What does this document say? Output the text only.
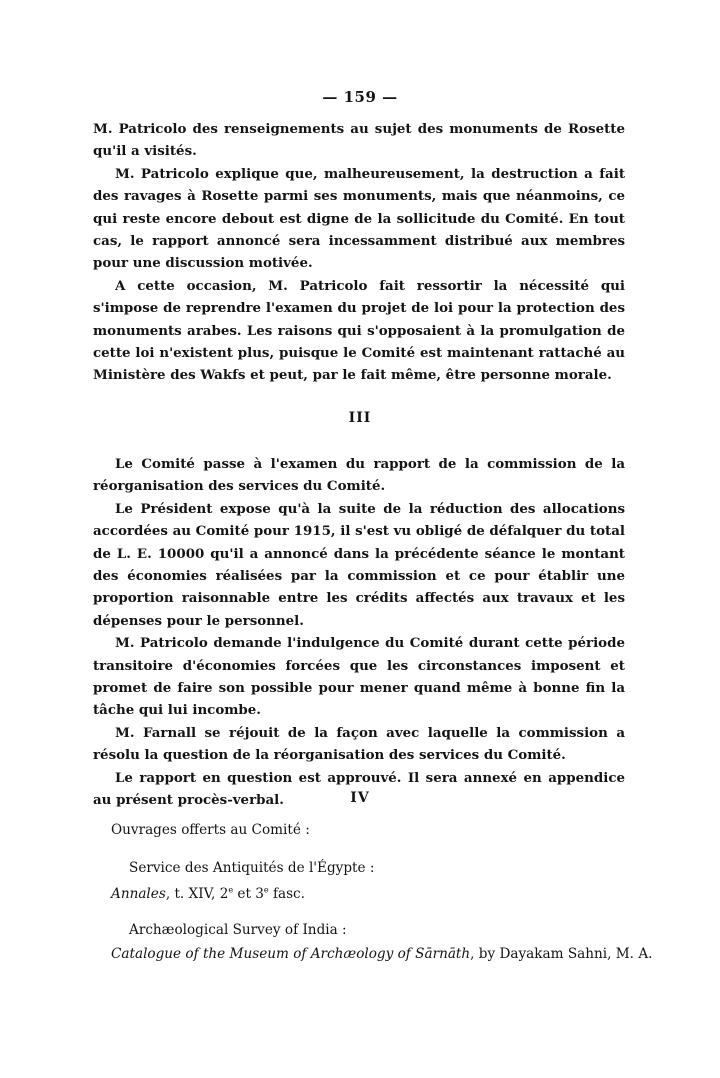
— 159 —

M. Patricolo des renseignements au sujet des monuments de Rosette qu'il a visités.

M. Patricolo explique que, malheureusement, la destruction a fait des ravages à Rosette parmi ses monuments, mais que néanmoins, ce qui reste encore debout est digne de la sollicitude du Comité. En tout cas, le rapport annoncé sera incessamment distribué aux membres pour une discussion motivée.

A cette occasion, M. Patricolo fait ressortir la nécessité qui s'impose de reprendre l'examen du projet de loi pour la protection des monuments arabes. Les raisons qui s'opposaient à la promulgation de cette loi n'existent plus, puisque le Comité est maintenant rattaché au Ministère des Wakfs et peut, par le fait même, être personne morale.

III

Le Comité passe à l'examen du rapport de la commission de la réorganisation des services du Comité.

Le Président expose qu'à la suite de la réduction des allocations accordées au Comité pour 1915, il s'est vu obligé de défalquer du total de L. E. 10000 qu'il a annoncé dans la précédente séance le montant des économies réalisées par la commission et ce pour établir une proportion raisonnable entre les crédits affectés aux travaux et les dépenses pour le personnel.

M. Patricolo demande l'indulgence du Comité durant cette période transitoire d'économies forcées que les circonstances imposent et promet de faire son possible pour mener quand même à bonne fin la tâche qui lui incombe.

M. Farnall se réjouit de la façon avec laquelle la commission a résolu la question de la réorganisation des services du Comité.

Le rapport en question est approuvé. Il sera annexé en appendice au présent procès-verbal.	IV
Ouvrages offerts au Comité :
Service des Antiquités de l'Égypte :
Annales, t. XIV, 2e et 3e fasc.
Archæological Survey of India :
Catalogue of the Museum of Archæology of Sārnāth, by Dayakam Sahni, M. A.
